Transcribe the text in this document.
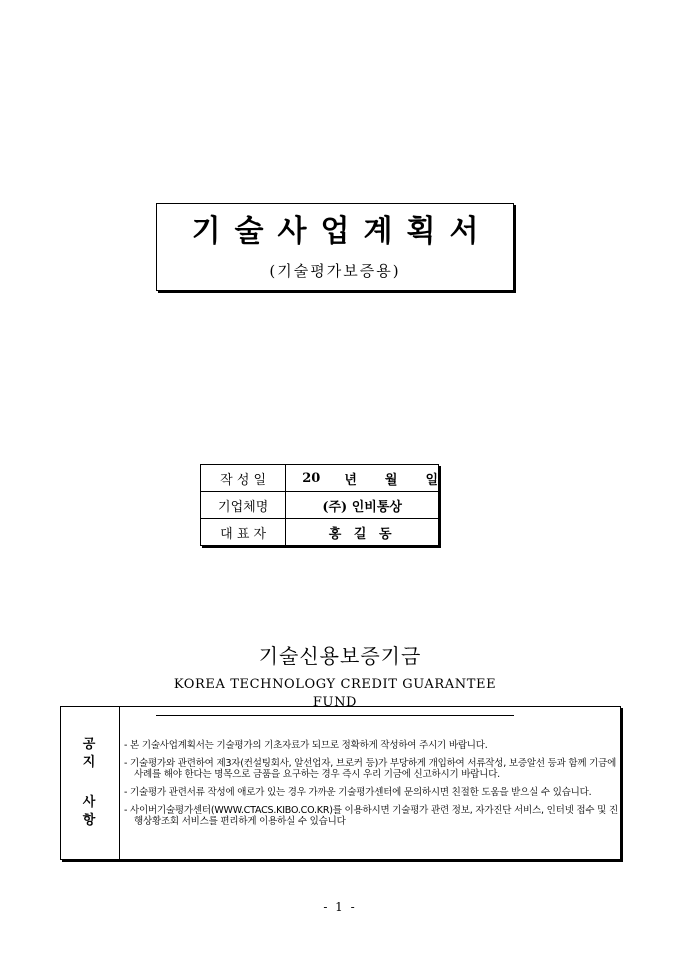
기술사업계획서
(기술평가보증용)
작 성 일	20 년 월 일

기업체명	(주) 인비통상
대 표 자	홍 길 동
기술신용보증기금
KOREA TECHNOLOGY CREDIT GUARANTEE FUND
공지
사항

- 본 기술사업계획서는 기술평가의 기초자료가 되므로 정확하게 작성하여 주시기 바랍니다.

- 기술평가와 관련하여 제3자(컨설팅회사, 알선업자, 브로커 등)가 부당하게 개입하여 서류작성, 보증알선 등과 함께 기금에 사례를 해야 한다는 명목으로 금품을 요구하는 경우 즉시 우리 기금에 신고하시기 바랍니다.

- 기술평가 관련서류 작성에 애로가 있는 경우 가까운 기술평가센터에 문의하시면 친절한 도움을 받으실 수 있습니다.

- 사이버기술평가센터(WWW.CTACS.KIBO.CO.KR)를 이용하시면 기술평가 관련 정보, 자가진단 서비스, 인터넷 접수 및 진행상황조회 서비스를 편리하게 이용하실 수 있습니다

- 1 -
